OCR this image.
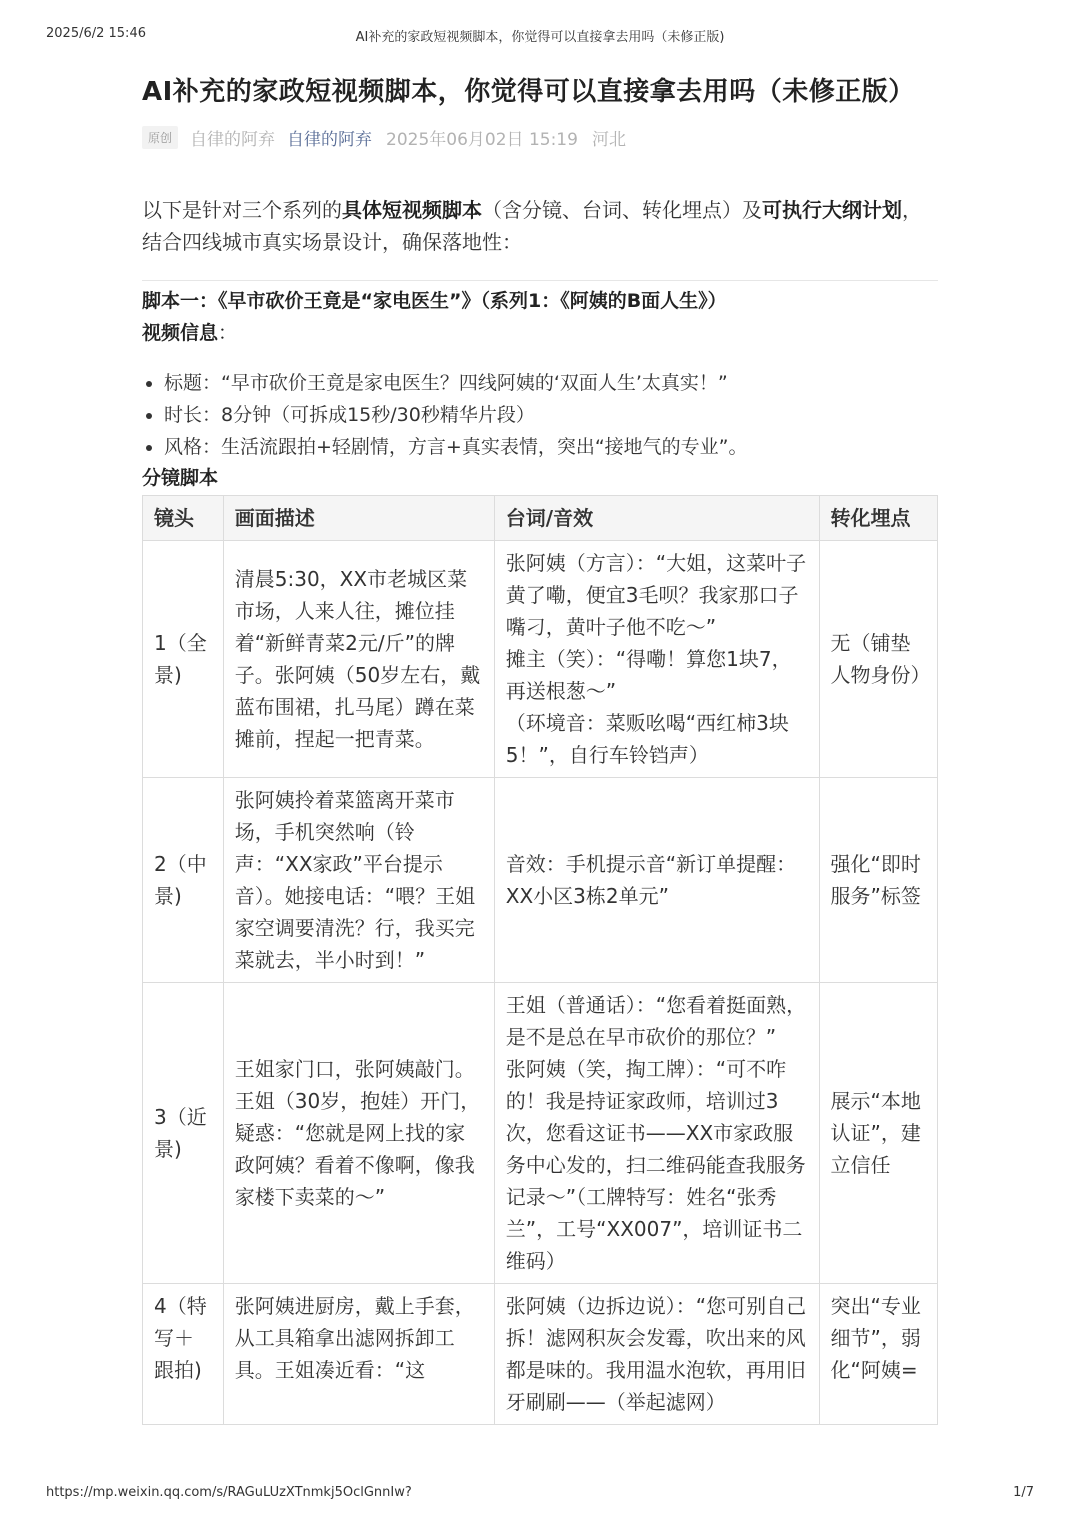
2025/6/2 15:46	AI补充的家政短视频脚本，你觉得可以直接拿去用吗（未修正版)
AI补充的家政短视频脚本，你觉得可以直接拿去用吗（未修正版）
原创	自律的阿弃 自律的阿弃 2025年06月02日 15:19 河北

以下是针对三个系列的具体短视频脚本（含分镜、台词、转化埋点）及可执行大纲计划，结合四线城市真实场景设计，确保落地性：

脚本一：《早市砍价王竟是“家电医生”》（系列1：《阿姨的B面人生》）
视频信息：
• 标题：“早市砍价王竟是家电医生？四线阿姨的‘双面人生’太真实！”
• 时长：8分钟（可拆成15秒/30秒精华片段）
• 风格：生活流跟拍+轻剧情，方言+真实表情，突出“接地气的专业”。
分镜脚本
镜头	画面描述	台词/音效	转化埋点
1（全景)	清晨5:30，XX市老城区菜市场，人来人往，摊位挂着“新鲜青菜2元/斤”的牌子。张阿姨（50岁左右，戴蓝布围裙，扎马尾）蹲在菜摊前，捏起一把青菜。	张阿姨（方言）：“大姐，这菜叶子黄了嘞，便宜3毛呗？我家那口子嘴刁，黄叶子他不吃～”
摊主（笑）：“得嘞！算您1块7，再送根葱～”
（环境音：菜贩吆喝“西红柿3块5！”，自行车铃铛声）	无（铺垫人物身份）
2（中景)	张阿姨拎着菜篮离开菜市场，手机突然响（铃声：“XX家政”平台提示音）。她接电话：“喂？王姐家空调要清洗？行，我买完菜就去，半小时到！”	音效：手机提示音“新订单提醒：XX小区3栋2单元”	强化“即时服务”标签
3（近景)	王姐家门口，张阿姨敲门。王姐（30岁，抱娃）开门，疑惑：“您就是网上找的家政阿姨？看着不像啊，像我家楼下卖菜的～”	王姐（普通话）：“您看着挺面熟，是不是总在早市砍价的那位？”
张阿姨（笑，掏工牌）：“可不咋的！我是持证家政师，培训过3次，您看这证书——XX市家政服务中心发的，扫二维码能查我服务记录～”（工牌特写：姓名“张秀兰”，工号“XX007”，培训证书二维码）	展示“本地认证”，建立信任
4（特写＋跟拍)	张阿姨进厨房，戴上手套，从工具箱拿出滤网拆卸工具。王姐凑近看：“这	张阿姨（边拆边说）：“您可别自己拆！滤网积灰会发霉，吹出来的风都是味的。我用温水泡软，再用旧牙刷刷——（举起滤网）	突出“专业细节”，弱化“阿姨=
https://mp.weixin.qq.com/s/RAGuLUzXTnmkj5OclGnnIw?	1/7
